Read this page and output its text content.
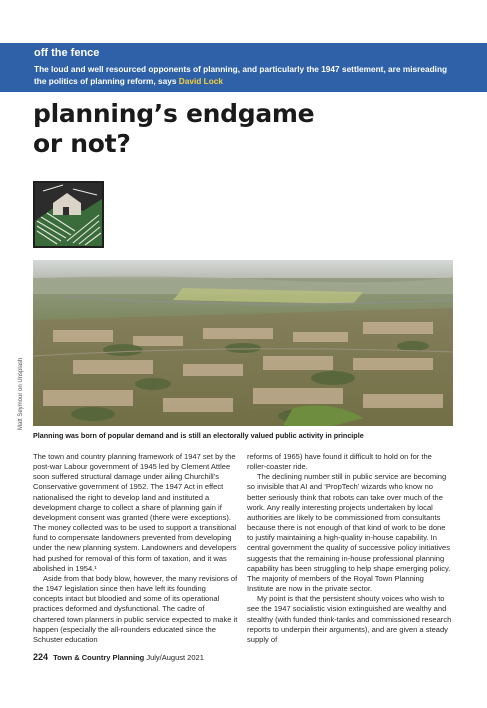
off the fence
The loud and well resourced opponents of planning, and particularly the 1947 settlement, are misreading the politics of planning reform, says David Lock
planning’s endgame
or not?
Matt Seymour on Unsplash
Planning was born of popular demand and is still an electorally valued public activity in principle

The town and country planning framework of 1947 set by the post-war Labour government of 1945 led by Clement Attlee soon suffered structural damage under ailing Churchill’s Conservative government of 1952. The 1947 Act in effect nationalised the right to develop land and instituted a development charge to collect a share of planning gain if development consent was granted (there were exceptions). The money collected was to be used to support a transitional fund to compensate landowners prevented from developing under the new planning system. Landowners and developers had pushed for removal of this form of taxation, and it was abolished in 1954.¹

Aside from that body blow, however, the many revisions of the 1947 legislation since then have left its founding concepts intact but bloodied and some of its operational practices deformed and dysfunctional. The cadre of chartered town planners in public service expected to make it happen (especially the all-rounders educated since the Schuster education

reforms of 1965) have found it difficult to hold on for the roller-coaster ride.

The declining number still in public service are becoming so invisible that AI and ‘PropTech’ wizards who know no better seriously think that robots can take over much of the work. Any really interesting projects undertaken by local authorities are likely to be commissioned from consultants because there is not enough of that kind of work to be done to justify maintaining a high-quality in-house capability. In central government the quality of successive policy initiatives suggests that the remaining in-house professional planning capability has been struggling to help shape emerging policy. The majority of members of the Royal Town Planning Institute are now in the private sector.

My point is that the persistent shouty voices who wish to see the 1947 socialistic vision extinguished are wealthy and stealthy (with funded think-tanks and commissioned research reports to underpin their arguments), and are given a steady supply of

224 Town & Country Planning July/August 2021
